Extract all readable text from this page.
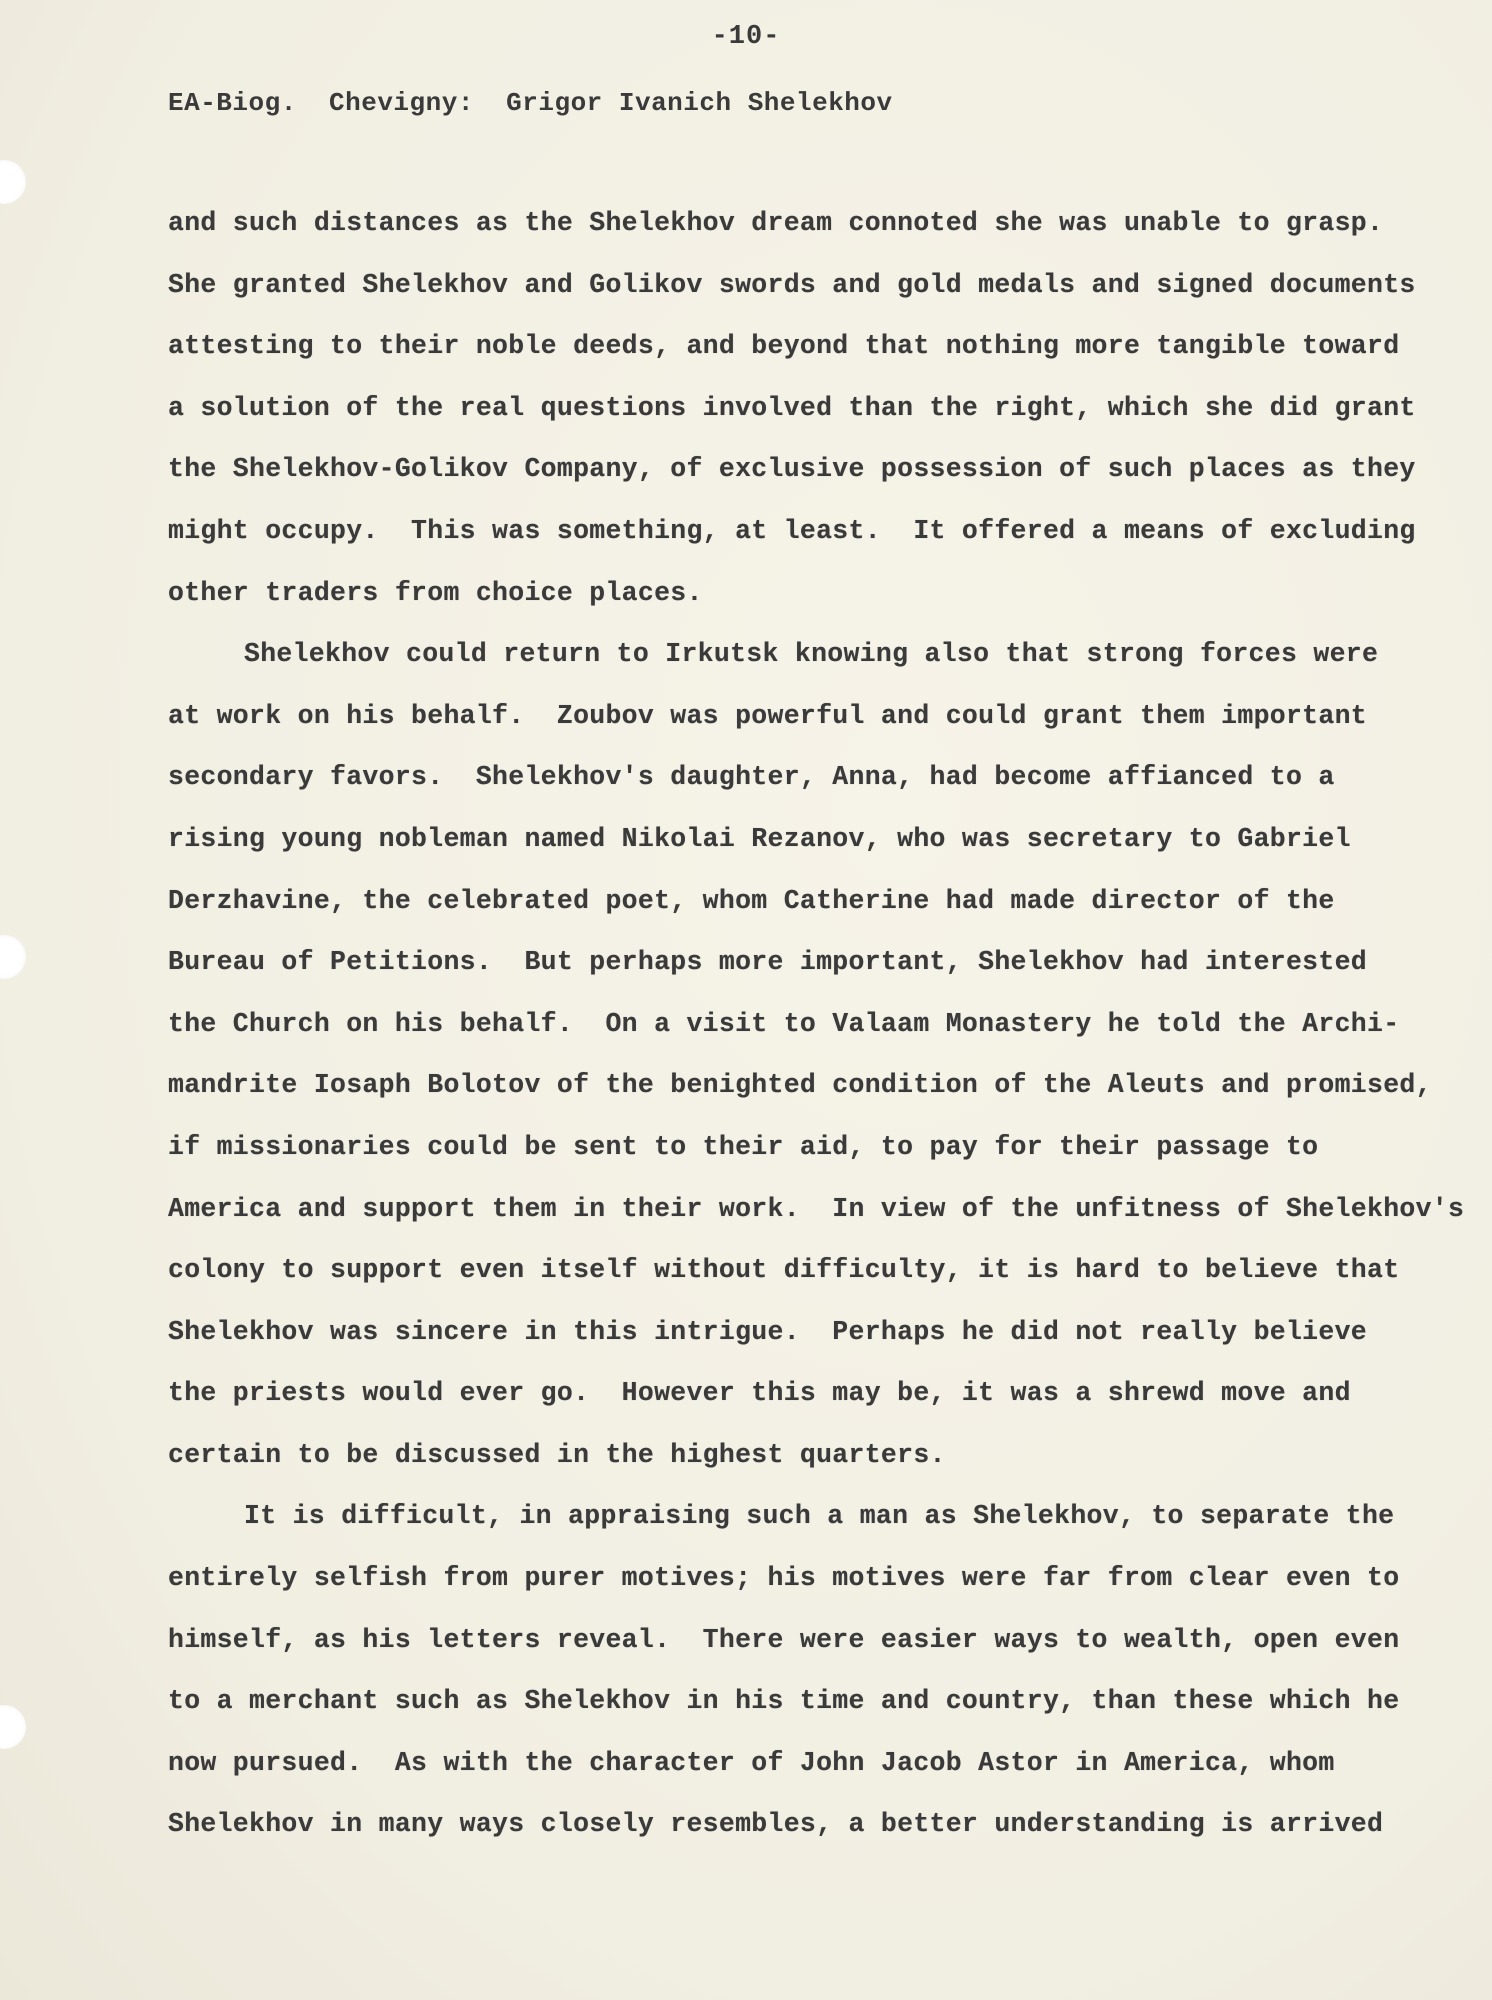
-10-
EA-Biog.  Chevigny:  Grigor Ivanich Shelekhov
and such distances as the Shelekhov dream connoted she was unable to grasp.
She granted Shelekhov and Golikov swords and gold medals and signed documents
attesting to their noble deeds, and beyond that nothing more tangible toward
a solution of the real questions involved than the right, which she did grant
the Shelekhov-Golikov Company, of exclusive possession of such places as they
might occupy.  This was something, at least.  It offered a means of excluding
other traders from choice places.
Shelekhov could return to Irkutsk knowing also that strong forces were
at work on his behalf.  Zoubov was powerful and could grant them important
secondary favors.  Shelekhov's daughter, Anna, had become affianced to a
rising young nobleman named Nikolai Rezanov, who was secretary to Gabriel
Derzhavine, the celebrated poet, whom Catherine had made director of the
Bureau of Petitions.  But perhaps more important, Shelekhov had interested
the Church on his behalf.  On a visit to Valaam Monastery he told the Archi-
mandrite Iosaph Bolotov of the benighted condition of the Aleuts and promised,
if missionaries could be sent to their aid, to pay for their passage to
America and support them in their work.  In view of the unfitness of Shelekhov's
colony to support even itself without difficulty, it is hard to believe that
Shelekhov was sincere in this intrigue.  Perhaps he did not really believe
the priests would ever go.  However this may be, it was a shrewd move and
certain to be discussed in the highest quarters.
It is difficult, in appraising such a man as Shelekhov, to separate the
entirely selfish from purer motives; his motives were far from clear even to
himself, as his letters reveal.  There were easier ways to wealth, open even
to a merchant such as Shelekhov in his time and country, than these which he
now pursued.  As with the character of John Jacob Astor in America, whom
Shelekhov in many ways closely resembles, a better understanding is arrived
